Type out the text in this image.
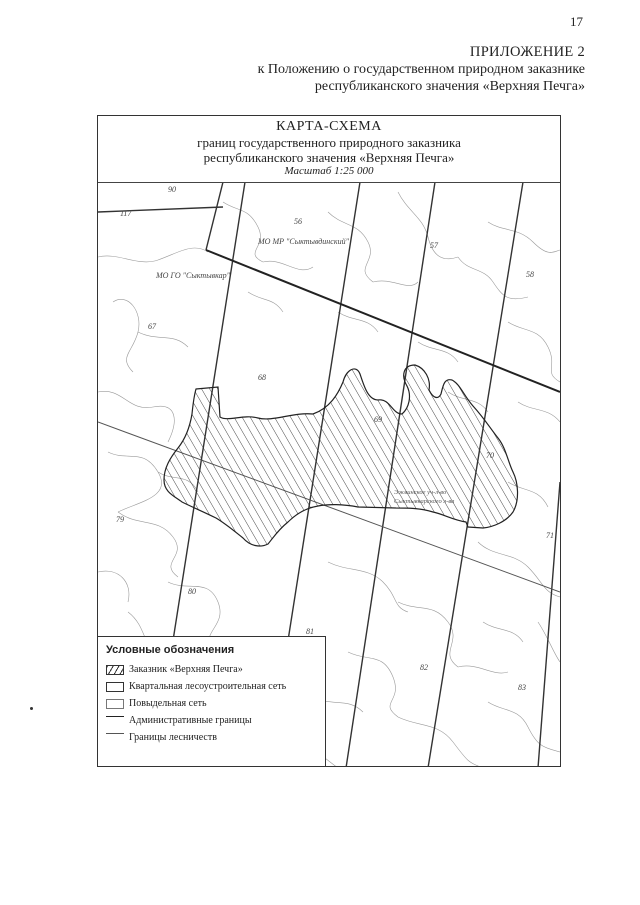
17
ПРИЛОЖЕНИЕ 2
к Положению о государственном природном заказнике
республиканского значения «Верхняя Печга»
КАРТА-СХЕМА
границ государственного природного заказника
республиканского значения «Верхняя Печга»
Масштаб 1:25 000
90
117
56
МО МР "Сыктывдинский"	57
58
МО ГО "Сыктывкар"
67
68
69
70
Эжвинское уч-л-во
Сыктывкарского л-ва
79
71
80
81
82
83
Условные обозначения
Заказник «Верхняя Печга»
Квартальная лесоустроительная сеть
Повыдельная сеть
Административные границы
Границы лесничеств
